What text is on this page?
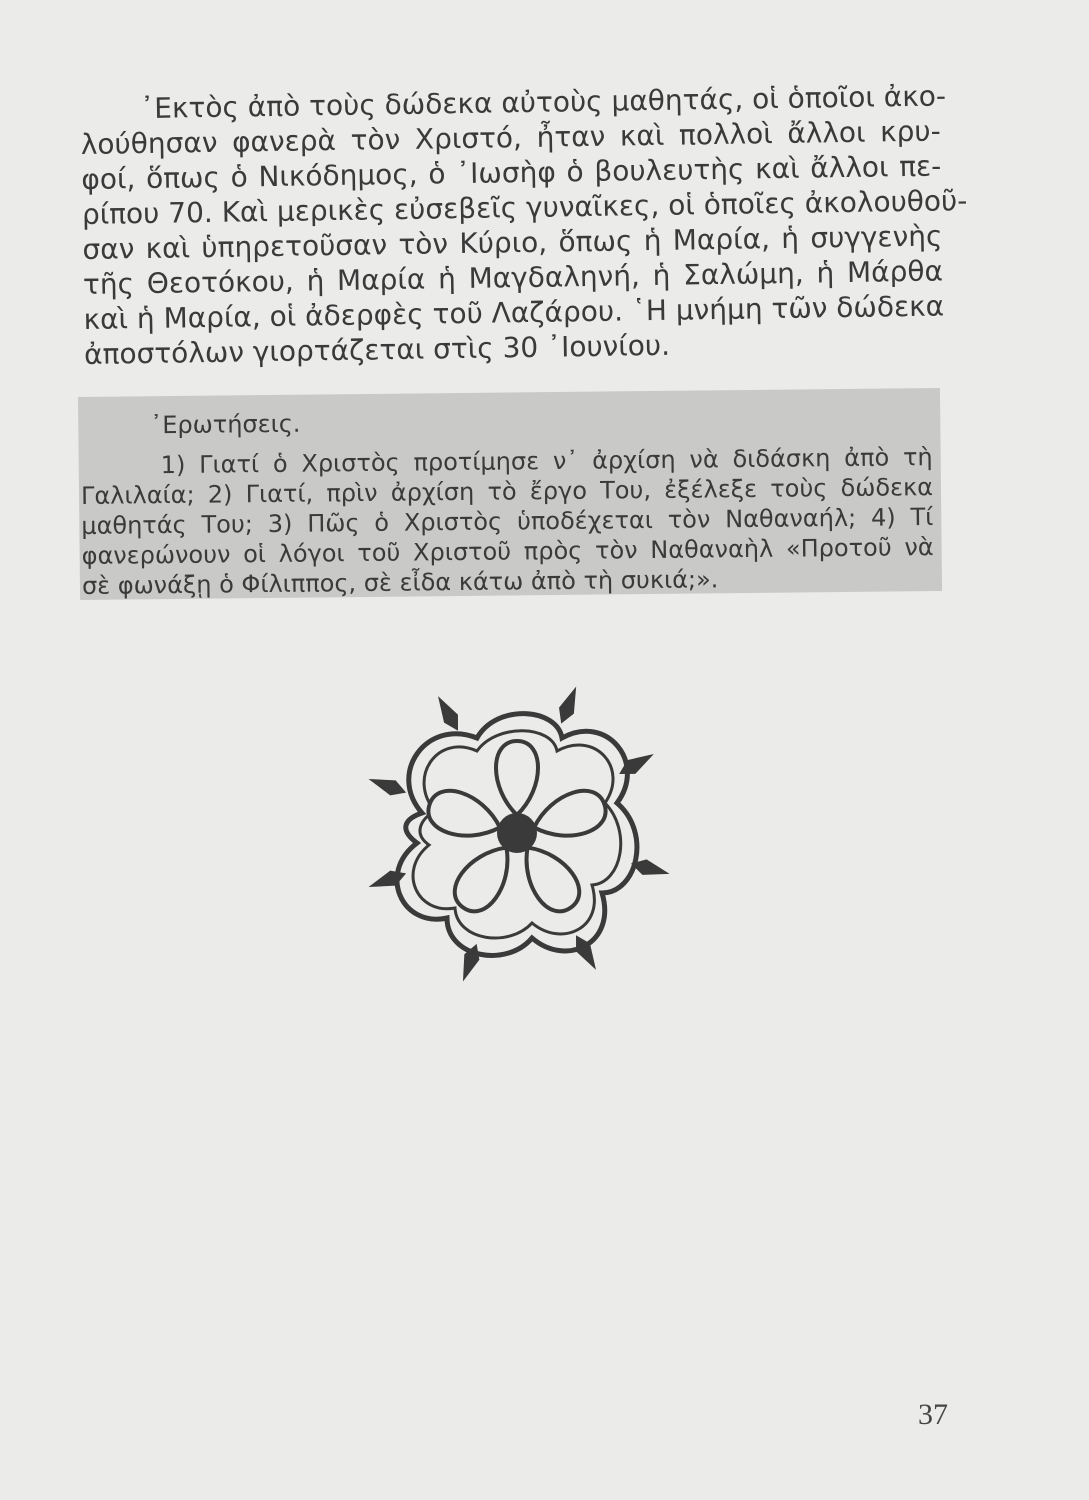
᾿Εκτὸς ἀπὸ τοὺς δώδεκα αὐτοὺς μαθητάς, οἱ ὁποῖοι ἀκο-
λούθησαν φανερὰ τὸν Χριστό, ἦταν καὶ πολλοὶ ἄλλοι κρυ-
φοί, ὅπως ὁ Νικόδημος, ὁ ᾿Ιωσὴφ ὁ βουλευτὴς καὶ ἄλλοι πε-
ρίπου 70. Καὶ μερικὲς εὐσεβεῖς γυναῖκες, οἱ ὁποῖες ἀκολουθοῦ-
σαν καὶ ὑπηρετοῦσαν τὸν Κύριο, ὅπως ἡ Μαρία, ἡ συγγενὴς
τῆς Θεοτόκου, ἡ Μαρία ἡ Μαγδαληνή, ἡ Σαλώμη, ἡ Μάρθα
καὶ ἡ Μαρία, οἱ ἀδερφὲς τοῦ Λαζάρου. ῾Η μνήμη τῶν δώδεκα
ἀποστόλων γιορτάζεται στὶς 30 ᾿Ιουνίου.
᾿Ερωτήσεις.
1) Γιατί ὁ Χριστὸς προτίμησε ν᾿ ἀρχίση νὰ διδάσκη ἀπὸ τὴ
Γαλιλαία; 2) Γιατί, πρὶν ἀρχίση τὸ ἔργο Του, ἐξέλεξε τοὺς δώδεκα
μαθητάς Του; 3) Πῶς ὁ Χριστὸς ὑποδέχεται τὸν Ναθαναήλ; 4) Τί
φανερώνουν οἱ λόγοι τοῦ Χριστοῦ πρὸς τὸν Ναθαναὴλ «Προτοῦ νὰ
σὲ φωνάξῃ ὁ Φίλιππος, σὲ εἶδα κάτω ἀπὸ τὴ συκιά;».
37
